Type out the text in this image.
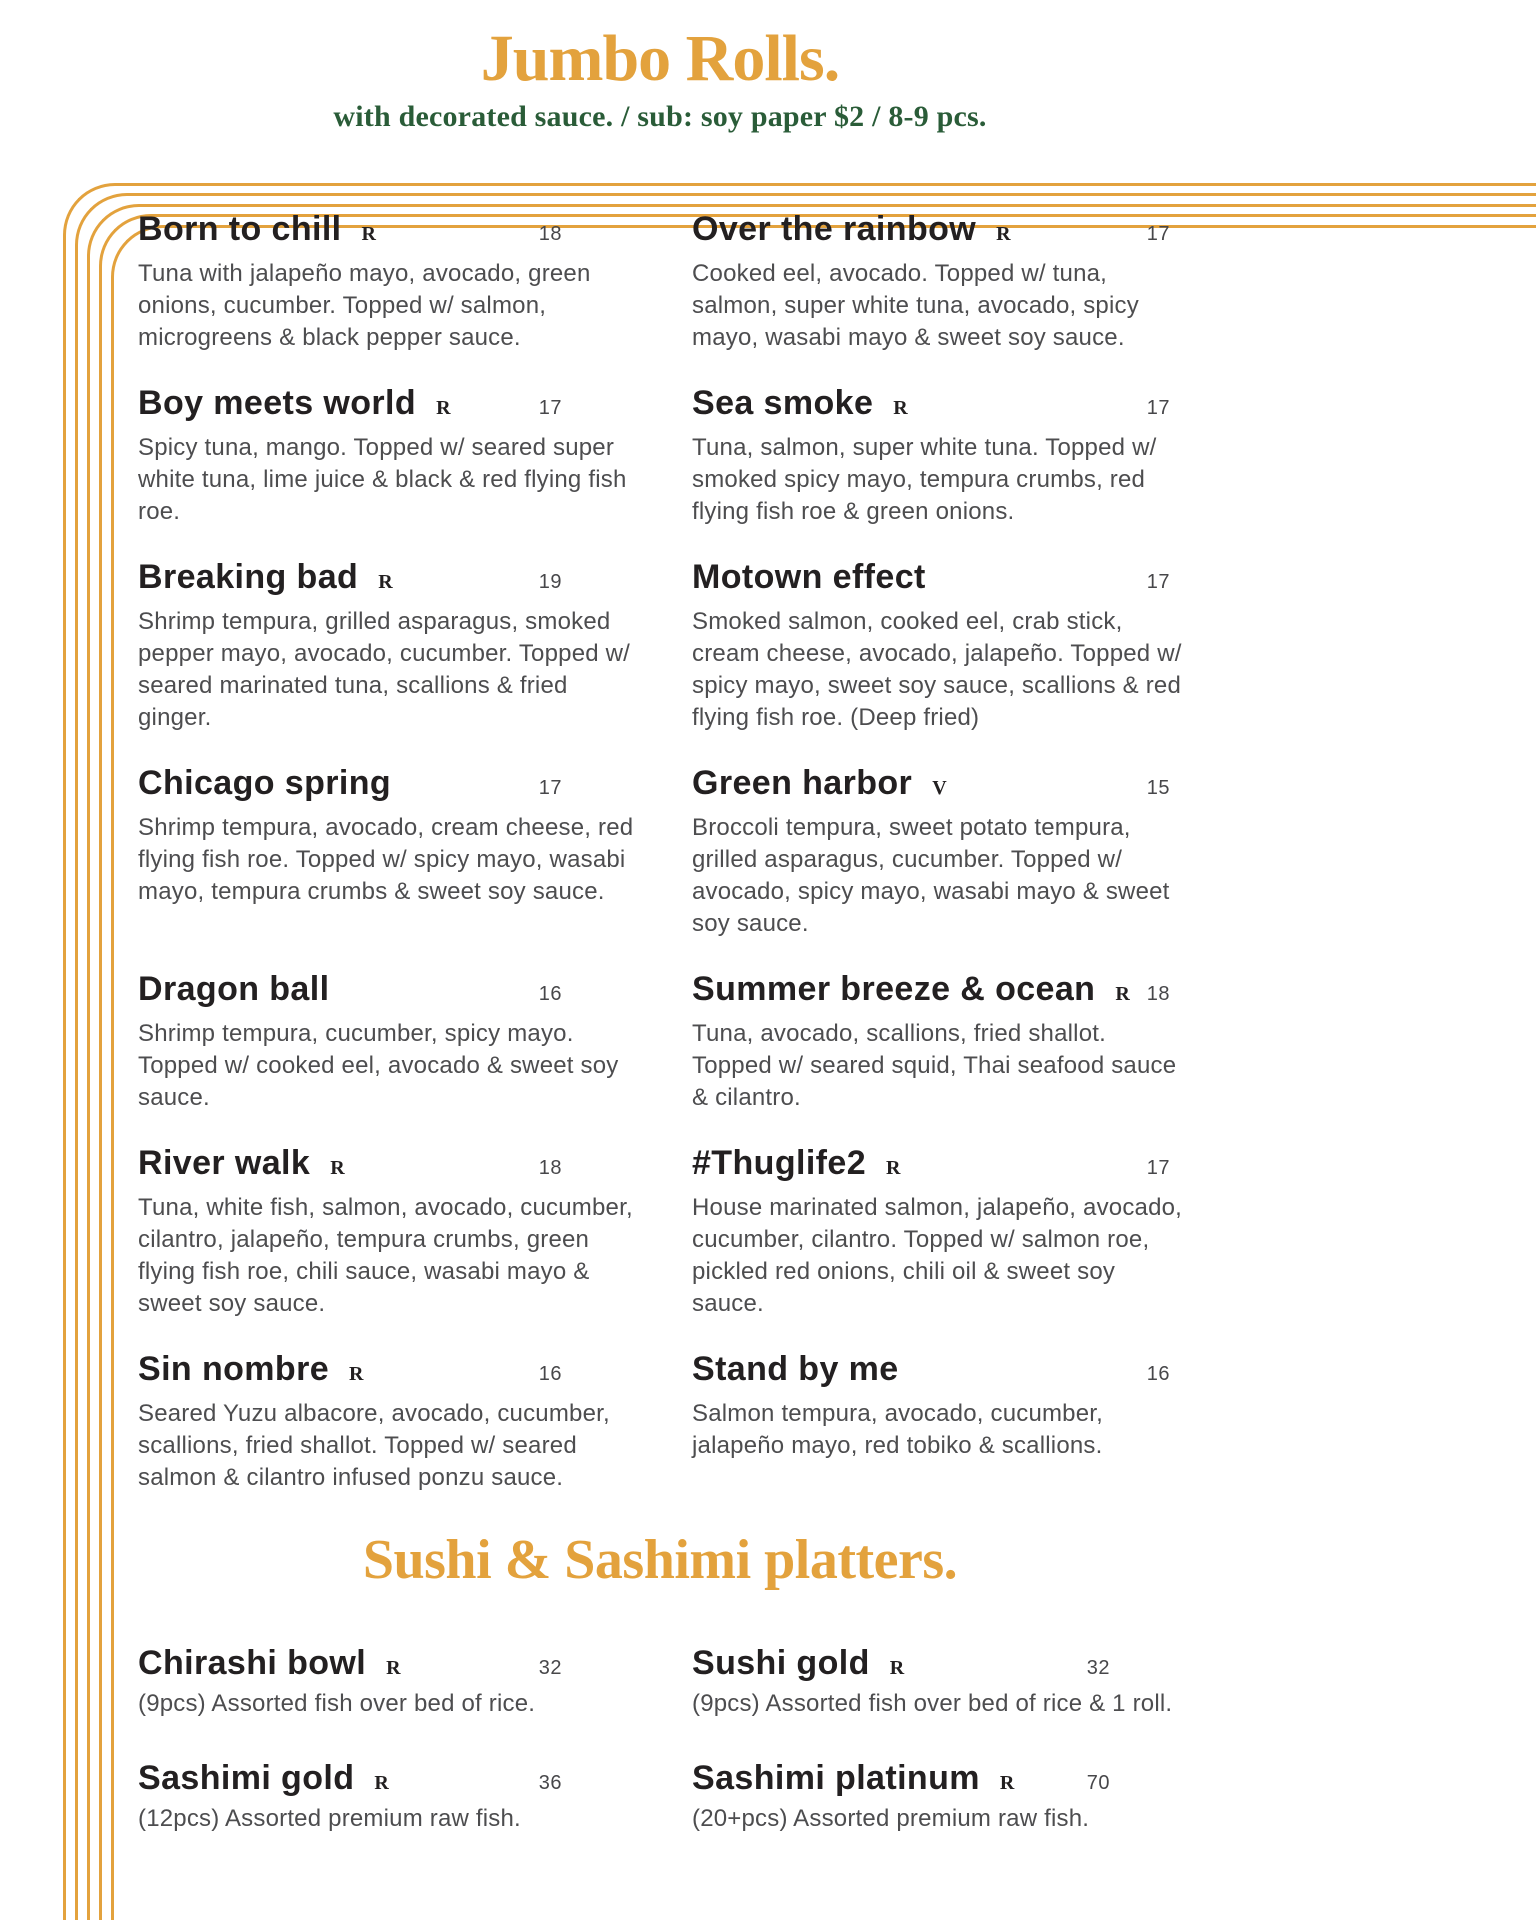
Jumbo Rolls.
with decorated sauce. / sub: soy paper $2 / 8-9 pcs.
Born to chill R	18
Tuna with jalapeño mayo, avocado, green onions, cucumber. Topped w/ salmon, microgreens & black pepper sauce.
Boy meets world R	17
Spicy tuna, mango. Topped w/ seared super white tuna, lime juice & black & red flying fish roe.
Breaking bad R	19
Shrimp tempura, grilled asparagus, smoked pepper mayo, avocado, cucumber. Topped w/ seared marinated tuna, scallions & fried ginger.
Chicago spring	17
Shrimp tempura, avocado, cream cheese, red flying fish roe. Topped w/ spicy mayo, wasabi mayo, tempura crumbs & sweet soy sauce.
Dragon ball	16
Shrimp tempura, cucumber, spicy mayo. Topped w/ cooked eel, avocado & sweet soy sauce.
River walk R	18
Tuna, white fish, salmon, avocado, cucumber, cilantro, jalapeño, tempura crumbs, green flying fish roe, chili sauce, wasabi mayo & sweet soy sauce.
Sin nombre R	16
Seared Yuzu albacore, avocado, cucumber, scallions, fried shallot. Topped w/ seared salmon & cilantro infused ponzu sauce.
Over the rainbow R	17
Cooked eel, avocado. Topped w/ tuna, salmon, super white tuna, avocado, spicy mayo, wasabi mayo & sweet soy sauce.
Sea smoke R	17
Tuna, salmon, super white tuna. Topped w/ smoked spicy mayo, tempura crumbs, red flying fish roe & green onions.
Motown effect	17
Smoked salmon, cooked eel, crab stick, cream cheese, avocado, jalapeño. Topped w/ spicy mayo, sweet soy sauce, scallions & red flying fish roe. (Deep fried)
Green harbor V	15
Broccoli tempura, sweet potato tempura, grilled asparagus, cucumber. Topped w/ avocado, spicy mayo, wasabi mayo & sweet soy sauce.
Summer breeze & ocean R 18
Tuna, avocado, scallions, fried shallot. Topped w/ seared squid, Thai seafood sauce & cilantro.
#Thuglife2 R	17
House marinated salmon, jalapeño, avocado, cucumber, cilantro. Topped w/ salmon roe, pickled red onions, chili oil & sweet soy sauce.
Stand by me	16
Salmon tempura, avocado, cucumber, jalapeño mayo, red tobiko & scallions.
Sushi & Sashimi platters.
Chirashi bowl R	32
(9pcs) Assorted fish over bed of rice.
Sashimi gold R	36
(12pcs) Assorted premium raw fish.
Sushi gold R	32
(9pcs) Assorted fish over bed of rice & 1 roll.
Sashimi platinum R	70
(20+pcs) Assorted premium raw fish.
